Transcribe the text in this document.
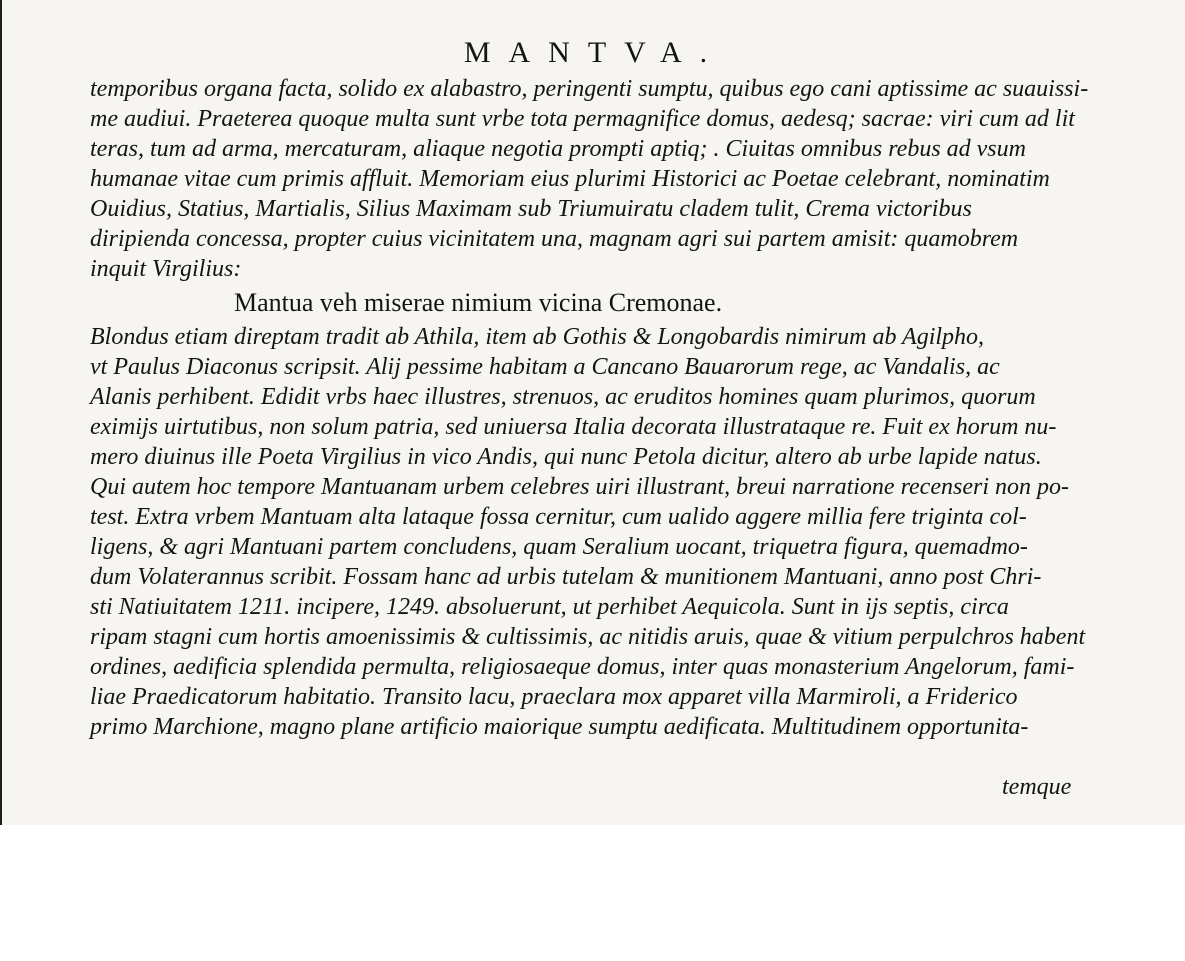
MANTVA.
temporibus organa facta, solido ex alabastro, peringenti sumptu, quibus ego cani aptissime ac suauissi-
me audiui. Praeterea quoque multa sunt vrbe tota permagnifice domus, aedesq; sacrae: viri cum ad lit
teras, tum ad arma, mercaturam, aliaque negotia prompti aptiq; . Ciuitas omnibus rebus ad vsum
humanae vitae cum primis affluit. Memoriam eius plurimi Historici ac Poetae celebrant, nominatim
Ouidius, Statius, Martialis, Silius Maximam sub Triumuiratu cladem tulit, Crema victoribus
diripienda concessa, propter cuius vicinitatem una, magnam agri sui partem amisit: quamobrem
inquit Virgilius:
Mantua veh miserae nimium vicina Cremonae.
Blondus etiam direptam tradit ab Athila, item ab Gothis & Longobardis nimirum ab Agilpho,
vt Paulus Diaconus scripsit. Alij pessime habitam a Cancano Bauarorum rege, ac Vandalis, ac
Alanis perhibent. Edidit vrbs haec illustres, strenuos, ac eruditos homines quam plurimos, quorum
eximijs uirtutibus, non solum patria, sed uniuersa Italia decorata illustrataque re. Fuit ex horum nu-
mero diuinus ille Poeta Virgilius in vico Andis, qui nunc Petola dicitur, altero ab urbe lapide natus.
Qui autem hoc tempore Mantuanam urbem celebres uiri illustrant, breui narratione recenseri non po-
test. Extra vrbem Mantuam alta lataque fossa cernitur, cum ualido aggere millia fere triginta col-
ligens, & agri Mantuani partem concludens, quam Seralium uocant, triquetra figura, quemadmo-
dum Volaterannus scribit. Fossam hanc ad urbis tutelam & munitionem Mantuani, anno post Chri-
sti Natiuitatem 1211. incipere, 1249. absoluerunt, ut perhibet Aequicola. Sunt in ijs septis, circa
ripam stagni cum hortis amoenissimis & cultissimis, ac nitidis aruis, quae & vitium perpulchros habent
ordines, aedificia splendida permulta, religiosaeque domus, inter quas monasterium Angelorum, fami-
liae Praedicatorum habitatio. Transito lacu, praeclara mox apparet villa Marmiroli, a Friderico
primo Marchione, magno plane artificio maiorique sumptu aedificata. Multitudinem opportunita-
temque
